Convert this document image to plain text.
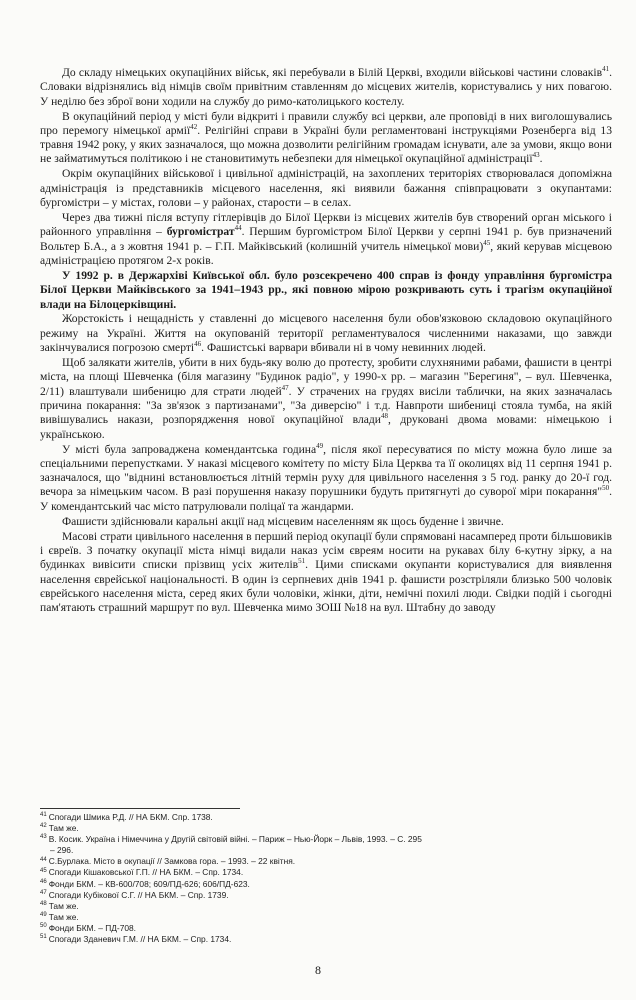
До складу німецьких окупаційних військ, які перебували в Білій Церкві, входили військові частини словаків$^{41}$. Словаки відрізнялись від німців своїм привітним ставленням до місцевих жителів, користувались у них повагою. У неділю без зброї вони ходили на службу до римо-католицького костелу.

В окупаційний період у місті були відкриті і правили службу всі церкви, але проповіді в них виголошувались про перемогу німецької армії$^{42}$. Релігійні справи в Україні були регламентовані інструкціями Розенберга від 13 травня 1942 року, у яких зазначалося, що можна дозволити релігійним громадам існувати, але за умови, якщо вони не займатимуться політикою і не становитимуть небезпеки для німецької окупаційної адміністрації$^{43}$.

Окрім окупаційних військової і цивільної адміністрацій, на захоплених територіях створювалася допоміжна адміністрація із представників місцевого населення, які виявили бажання співпрацювати з окупантами: бургомістри – у містах, голови – у районах, старости – в селах.

Через два тижні після вступу гітлерівців до Білої Церкви із місцевих жителів був створений орган міського і районного управління – бургомістрат$^{44}$. Першим бургомістром Білої Церкви у серпні 1941 р. був призначений Вольтер Б.А., а з жовтня 1941 р. – Г.П. Майківський (колишній учитель німецької мови)$^{45}$, який керував місцевою адміністрацією протягом 2-х років.

У 1992 р. в Держархіві Київської обл. було розсекречено 400 справ із фонду управління бургомістра Білої Церкви Майківського за 1941–1943 рр., які повною мірою розкривають суть і трагізм окупаційної влади на Білоцерківщині.

Жорстокість і нещадність у ставленні до місцевого населення були обов'язковою складовою окупаційного режиму на Україні. Життя на окупованій території регламентувалося численними наказами, що завжди закінчувалися погрозою смерті$^{46}$. Фашистські варвари вбивали ні в чому невинних людей.

Щоб залякати жителів, убити в них будь-яку волю до протесту, зробити слухняними рабами, фашисти в центрі міста, на площі Шевченка (біля магазину "Будинок радіо", у 1990-х рр. – магазин "Берегиня", – вул. Шевченка, 2/11) влаштували шибеницю для страти людей$^{47}$. У страчених на грудях висіли таблички, на яких зазначалась причина покарання: "За зв'язок з партизанами", "За диверсію" і т.д. Навпроти шибениці стояла тумба, на якій вивішувались накази, розпорядження нової окупаційної влади$^{48}$, друковані двома мовами: німецькою і українською.

У місті була запроваджена комендантська година$^{49}$, після якої пересуватися по місту можна було лише за спеціальними перепустками. У наказі місцевого комітету по місту Біла Церква та її околицях від 11 серпня 1941 р. зазначалося, що "віднині встановлюється літній термін руху для цивільного населення з 5 год. ранку до 20-ї год. вечора за німецьким часом. В разі порушення наказу порушники будуть притягнуті до суворої міри покарання"$^{50}$. У комендантський час місто патрулювали поліцаї та жандарми.

Фашисти здійснювали каральні акції над місцевим населенням як щось буденне і звичне.

Масові страти цивільного населення в перший період окупації були спрямовані насамперед проти більшовиків і євреїв. З початку окупації міста німці видали наказ усім євреям носити на рукавах білу 6-кутну зірку, а на будинках вивісити списки прізвищ усіх жителів$^{51}$. Цими списками окупанти користувалися для виявлення населення єврейської національності. В один із серпневих днів 1941 р. фашисти розстріляли близько 500 чоловік єврейського населення міста, серед яких були чоловіки, жінки, діти, немічні похилі люди. Свідки подій і сьогодні пам'ятають страшний маршрут по вул. Шевченка мимо ЗОШ №18 на вул. Штабну до заводу

$^{41}$ Спогади Шмика Р.Д. // НА БКМ. Спр. 1738.
$^{42}$ Там же.
$^{43}$ В. Косик. Україна і Німеччина у Другій світовій війні. – Париж – Нью-Йорк – Львів, 1993. – С. 295
– 296.
$^{44}$ С.Бурлака. Місто в окупації // Замкова гора. – 1993. – 22 квітня.
$^{45}$ Спогади Кішаковської Г.П. // НА БКМ. – Спр. 1734.
$^{46}$ Фонди БКМ. – КВ-600/708; 609/ПД-626; 606/ПД-623.
$^{47}$ Спогади Кубікової С.Г. // НА БКМ. – Спр. 1739.
$^{48}$ Там же.
$^{49}$ Там же.
$^{50}$ Фонди БКМ. – ПД-708.
$^{51}$ Спогади Зданевич Г.М. // НА БКМ. – Спр. 1734.
8
